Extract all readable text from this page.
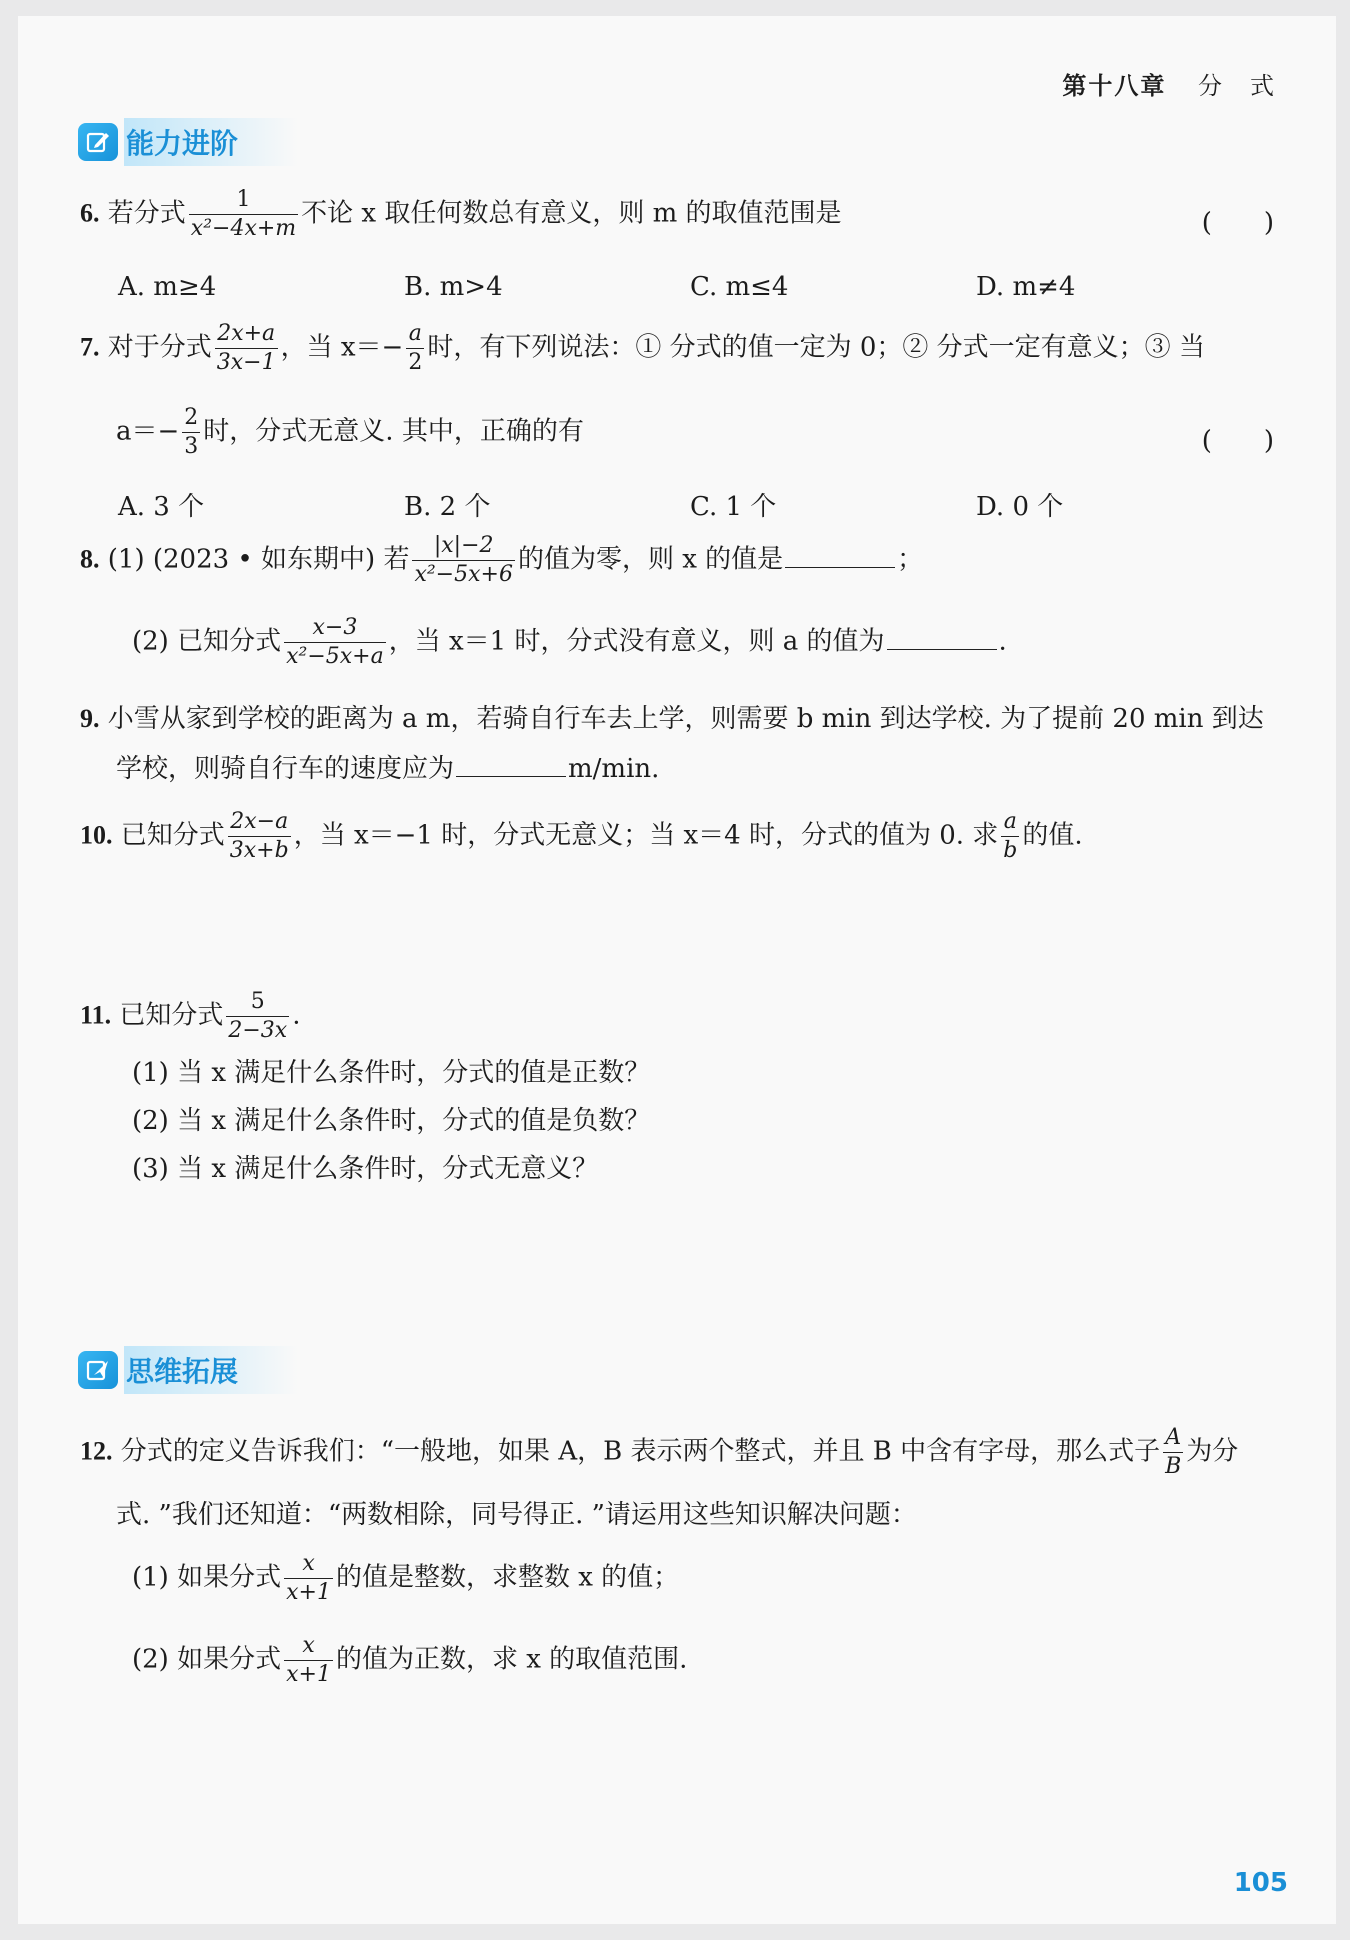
第十八章 分　式
能力进阶
6. 若分式 $\frac{1}{\text{x²−4x+m}}$ 不论 x 取任何数总有意义，则 m 的取值范围是	(　　)
A. m≥4	B. m>4	C. m≤4	D. m≠4
7. 对于分式 $\frac{2x+a}{3x-1}$ ，当 $x=- \frac{a}{2}$ 时，有下列说法：① 分式的值一定为 0；② 分式一定有意义；③ 当
$a=- \frac{2}{3}$ 时，分式无意义. 其中，正确的有	(　　)
A. 3 个	B. 2 个	C. 1 个	D. 0 个
8. (1) (2023 • 如东期中) 若 $\frac{|x|-2}{\text{x²−5x+6}}$ 的值为零，则 x 的值是	；
(2) 已知分式 $\frac{x-3}{\text{x²−5x+a}}$ ，当 x＝1 时，分式没有意义，则 a 的值为	.
9. 小雪从家到学校的距离为 a m，若骑自行车去上学，则需要 b min 到达学校. 为了提前 20 min 到达
学校，则骑自行车的速度应为	m/min.
10. 已知分式 $\frac{2x-a}{3x+b}$ ，当 x＝−1 时，分式无意义；当 x＝4 时，分式的值为 0. 求 $\frac{a}{b}$ 的值.
11. 已知分式 $\frac{5}{2-3x}$ .
(1) 当 x 满足什么条件时，分式的值是正数？
(2) 当 x 满足什么条件时，分式的值是负数？
(3) 当 x 满足什么条件时，分式无意义？
思维拓展
12. 分式的定义告诉我们：“一般地，如果 A，B 表示两个整式，并且 B 中含有字母，那么式子 $\frac{A}{B}$ 为分
式. ”我们还知道：“两数相除，同号得正. ”请运用这些知识解决问题：
(1) 如果分式 $\frac{x}{x+1}$ 的值是整数，求整数 x 的值；
(2) 如果分式 $\frac{x}{x+1}$ 的值为正数，求 x 的取值范围.
105
